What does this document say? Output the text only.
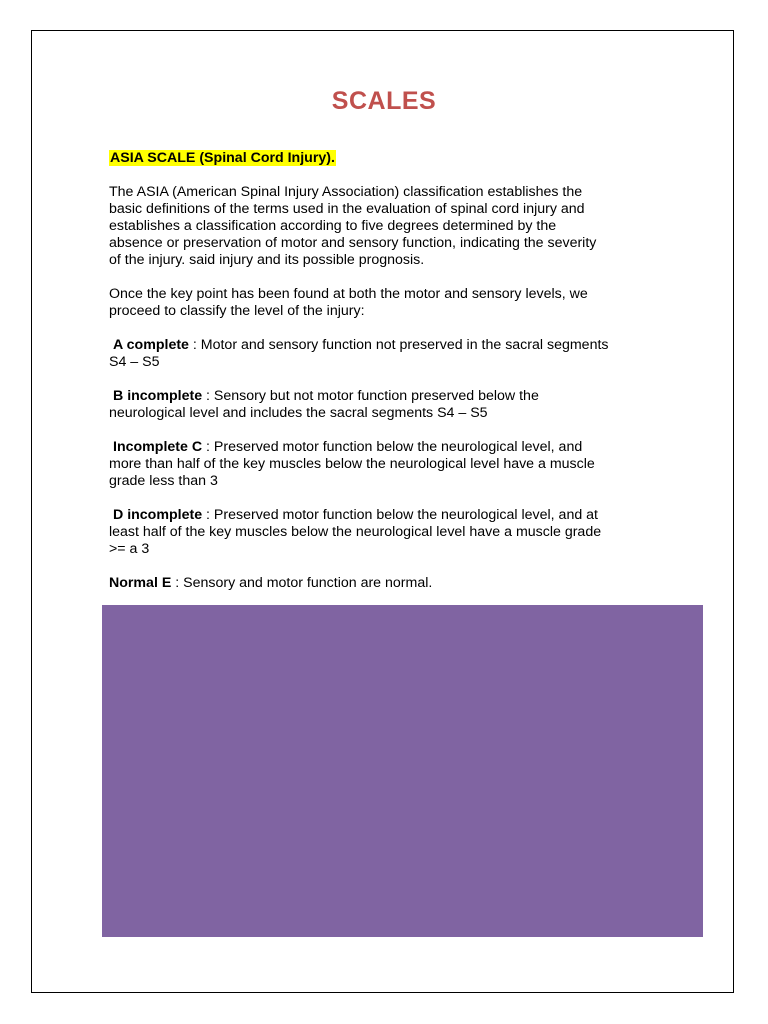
SCALES

ASIA SCALE (Spinal Cord Injury).

The ASIA (American Spinal Injury Association) classification establishes the
basic definitions of the terms used in the evaluation of spinal cord injury and
establishes a classification according to five degrees determined by the
absence or preservation of motor and sensory function, indicating the severity
of the injury. said injury and its possible prognosis.

Once the key point has been found at both the motor and sensory levels, we
proceed to classify the level of the injury:

A complete : Motor and sensory function not preserved in the sacral segments
S4 – S5

B incomplete : Sensory but not motor function preserved below the
neurological level and includes the sacral segments S4 – S5

Incomplete C : Preserved motor function below the neurological level, and
more than half of the key muscles below the neurological level have a muscle
grade less than 3

D incomplete : Preserved motor function below the neurological level, and at
least half of the key muscles below the neurological level have a muscle grade
>= a 3

Normal E : Sensory and motor function are normal.
